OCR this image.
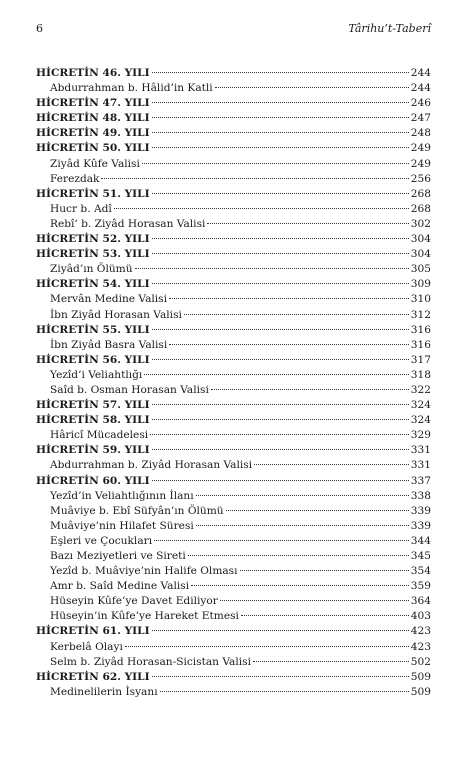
6	Târihu’t-Taberî
HİCRETİN 46. YILI	244
Abdurrahman b. Hâlid’in Katli	244
HİCRETİN 47. YILI	246
HİCRETİN 48. YILI	247
HİCRETİN 49. YILI	248
HİCRETİN 50. YILI	249
Ziyâd Kûfe Valisi	249
Ferezdak	256
HİCRETİN 51. YILI	268
Hucr b. Adî	268
Rebî‘ b. Ziyâd Horasan Valisi	302
HİCRETİN 52. YILI	304
HİCRETİN 53. YILI	304
Ziyâd’ın Ölümü	305
HİCRETİN 54. YILI	309
Mervân Medine Valisi	310
İbn Ziyâd Horasan Valisi	312
HİCRETİN 55. YILI	316
İbn Ziyâd Basra Valisi	316
HİCRETİN 56. YILI	317
Yezîd’i Veliahtlığı	318
Saîd b. Osman Horasan Valisi	322
HİCRETİN 57. YILI	324
HİCRETİN 58. YILI	324
Hâricî Mücadelesi	329
HİCRETİN 59. YILI	331
Abdurrahman b. Ziyâd Horasan Valisi	331
HİCRETİN 60. YILI	337
Yezîd’in Veliahtlığının İlanı	338
Muâviye b. Ebî Süfyân’ın Ölümü	339
Muâviye’nin Hilafet Süresi	339
Eşleri ve Çocukları	344
Bazı Meziyetleri ve Sireti	345
Yezîd b. Muâviye’nin Halife Olması	354
Amr b. Saîd Medine Valisi	359
Hüseyin Kûfe’ye Davet Ediliyor	364
Hüseyin’in Kûfe’ye Hareket Etmesi	403
HİCRETİN 61. YILI	423
Kerbelâ Olayı	423
Selm b. Ziyâd Horasan-Sicistan Valisi	502
HİCRETİN 62. YILI	509
Medinelilerin İsyanı	509
